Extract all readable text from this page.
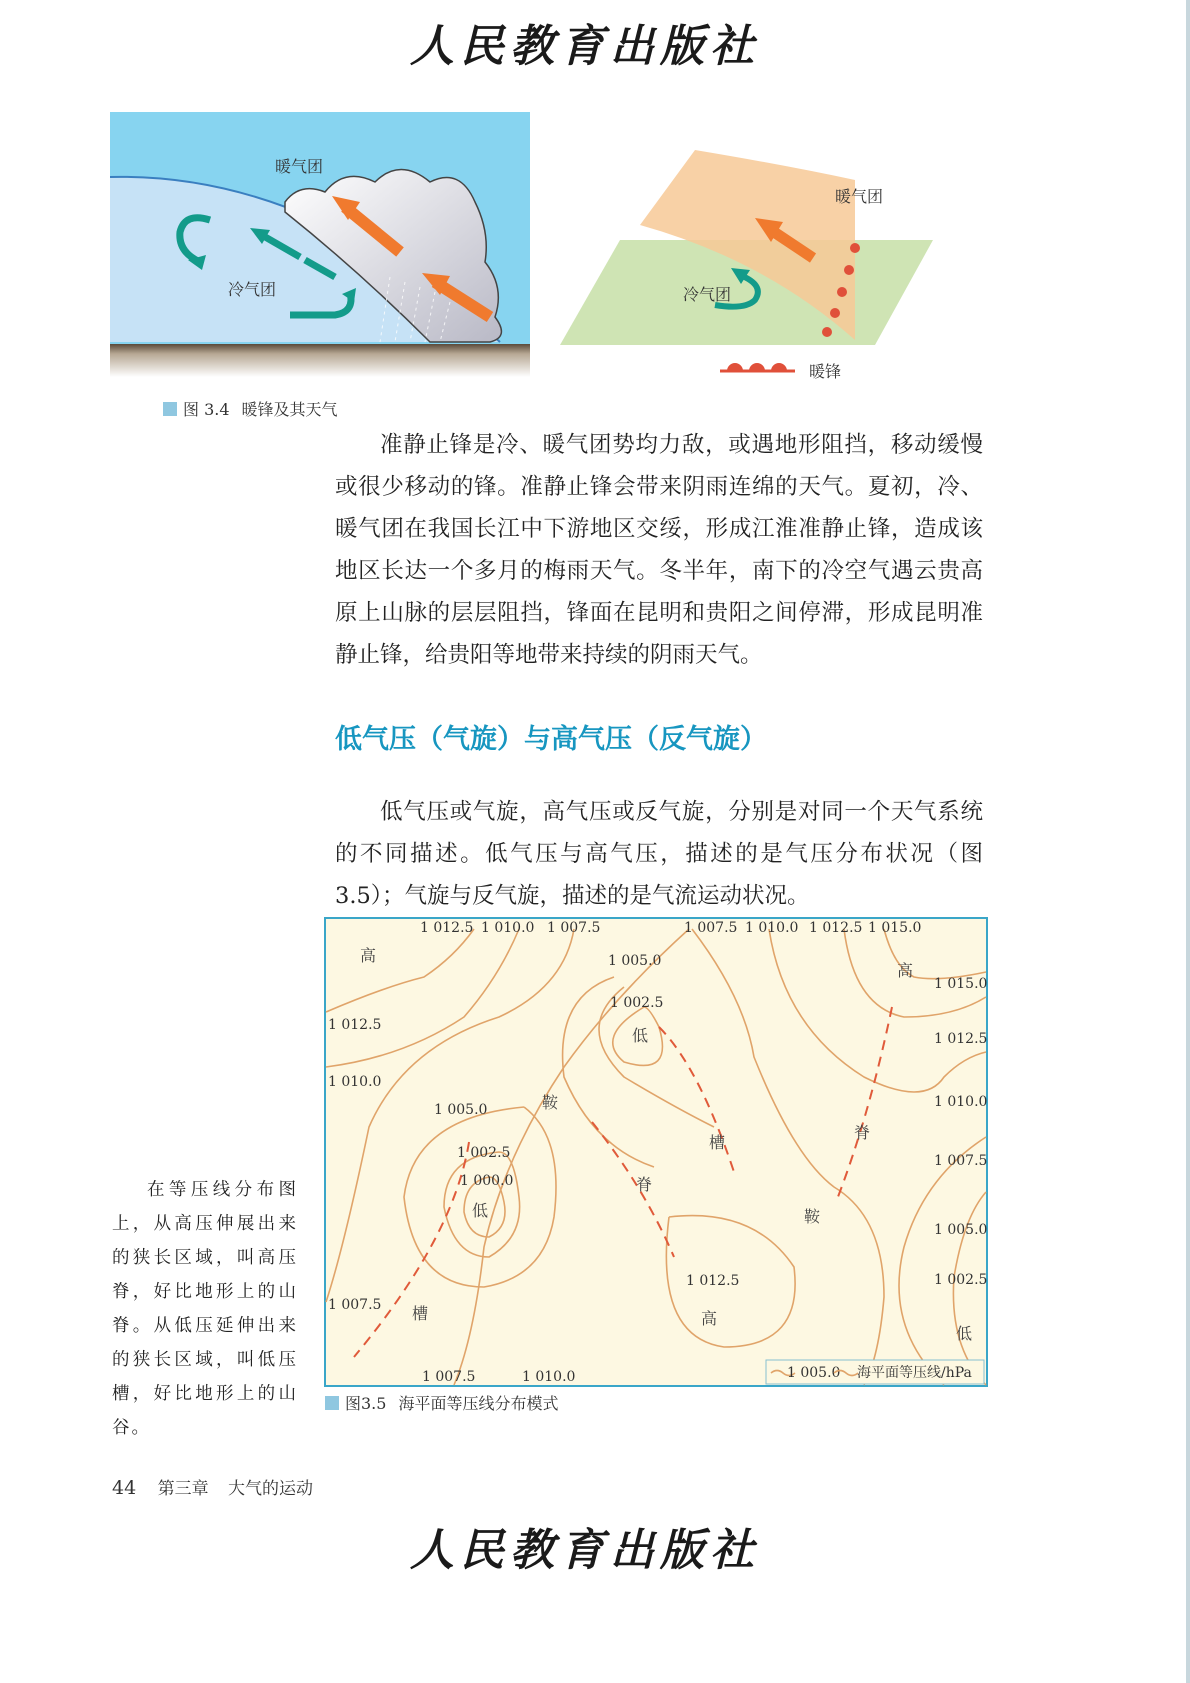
人民教育出版社
暖气团
冷气团
暖气团
冷气团
暖锋
图 3.4 暖锋及其天气

准静止锋是冷、暖气团势均力敌，或遇地形阻挡，移动缓慢或很少移动的锋。准静止锋会带来阴雨连绵的天气。夏初，冷、暖气团在我国长江中下游地区交绥，形成江淮准静止锋，造成该地区长达一个多月的梅雨天气。冬半年，南下的冷空气遇云贵高原上山脉的层层阻挡，锋面在昆明和贵阳之间停滞，形成昆明准静止锋，给贵阳等地带来持续的阴雨天气。

低气压（气旋）与高气压（反气旋）

低气压或气旋，高气压或反气旋，分别是对同一个天气系统的不同描述。低气压与高气压，描述的是气压分布状况（图3.5）；气旋与反气旋，描述的是气流运动状况。

1 012.5 1 010.0 1 007.5	1 007.5 1 010.0 1 012.5 1 015.0
1 012.5
1 010.0
1 007.5
1 015.0
1 012.5
1 010.0
1 007.5
1 005.0
1 002.5
1 007.5	1 010.0
1 005.0
1 002.5
1 005.0
1 002.5
1 000.0
1 012.5
高
高
高
低
低
低
鞍
鞍
槽
槽
脊
脊
1 005.0 海平面等压线/hPa

在等压线分布图上，从高压伸展出来的狭长区域，叫高压脊，好比地形上的山脊。从低压延伸出来的狭长区域，叫低压槽，好比地形上的山谷。

图3.5 海平面等压线分布模式
44 第三章 大气的运动
人民教育出版社
